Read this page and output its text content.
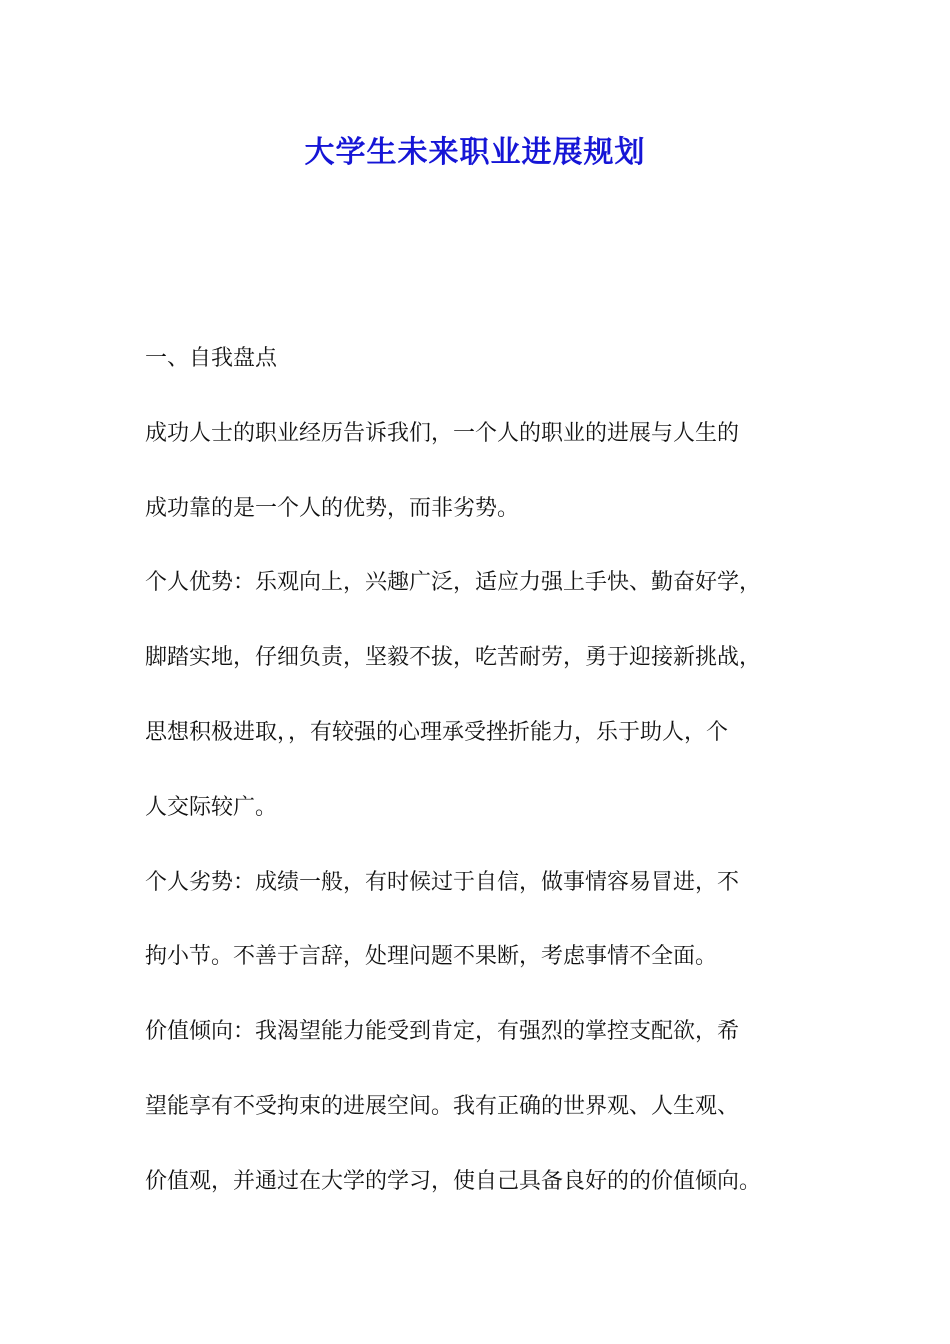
大学生未来职业进展规划
一、自我盘点
成功人士的职业经历告诉我们，一个人的职业的进展与人生的
成功靠的是一个人的优势，而非劣势。
个人优势：乐观向上，兴趣广泛，适应力强上手快、勤奋好学，
脚踏实地，仔细负责，坚毅不拔，吃苦耐劳，勇于迎接新挑战，
思想积极进取，，有较强的心理承受挫折能力，乐于助人，个
人交际较广。
个人劣势：成绩一般，有时候过于自信，做事情容易冒进，不
拘小节。不善于言辞，处理问题不果断，考虑事情不全面。
价值倾向：我渴望能力能受到肯定，有强烈的掌控支配欲，希
望能享有不受拘束的进展空间。我有正确的世界观、人生观、
价值观，并通过在大学的学习，使自己具备良好的的价值倾向。
